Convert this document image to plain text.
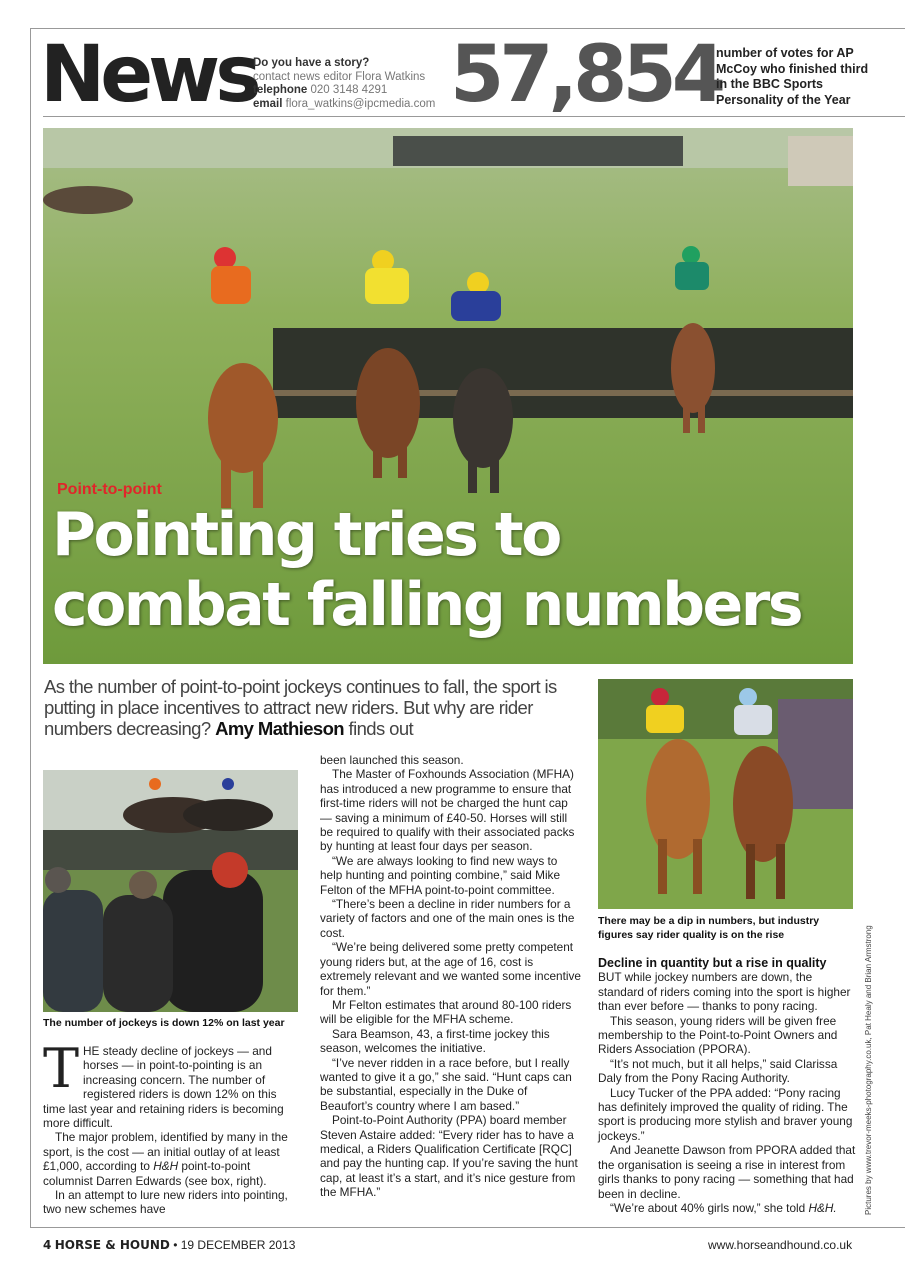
News
Do you have a story?
contact news editor Flora Watkins
telephone 020 3148 4291
email flora_watkins@ipcmedia.com 57,854
number of votes for AP McCoy who finished third in the BBC Sports Personality of the Year
Point-to-point
Pointing tries to
combat falling numbers
As the number of point-to-point jockeys continues to fall, the sport is putting in place incentives to attract new riders. But why are rider numbers decreasing? Amy Mathieson finds out
The number of jockeys is down 12% on last year
There may be a dip in numbers, but industry figures say rider quality is on the rise

THE steady decline of jockeys — and horses — in point-to-pointing is an increasing concern. The number of registered riders is down 12% on this time last year and retaining riders is becoming more difficult.

The major problem, identified by many in the sport, is the cost — an initial outlay of at least £1,000, according to H&H point-to-point columnist Darren Edwards (see box, right).

In an attempt to lure new riders into pointing, two new schemes have

been launched this season.

The Master of Foxhounds Association (MFHA) has introduced a new programme to ensure that first-time riders will not be charged the hunt cap — saving a minimum of £40-50. Horses will still be required to qualify with their associated packs by hunting at least four days per season.

“We are always looking to find new ways to help hunting and pointing combine,” said Mike Felton of the MFHA point-to-point committee.

“There’s been a decline in rider numbers for a variety of factors and one of the main ones is the cost.

“We’re being delivered some pretty competent young riders but, at the age of 16, cost is extremely relevant and we wanted some incentive for them.”

Mr Felton estimates that around 80-100 riders will be eligible for the MFHA scheme.

Sara Beamson, 43, a first-time jockey this season, welcomes the initiative.

“I’ve never ridden in a race before, but I really wanted to give it a go,” she said. “Hunt caps can be substantial, especially in the Duke of Beaufort’s country where I am based.”

Point-to-Point Authority (PPA) board member Steven Astaire added: “Every rider has to have a medical, a Riders Qualification Certificate [RQC] and pay the hunting cap. If you’re saving the hunt cap, at least it’s a start, and it’s nice gesture from the MFHA.”

Decline in quantity but a rise in quality

BUT while jockey numbers are down, the standard of riders coming into the sport is higher than ever before — thanks to pony racing.

This season, young riders will be given free membership to the Point-to-Point Owners and Riders Association (PPORA).

“It’s not much, but it all helps,” said Clarissa Daly from the Pony Racing Authority.

Lucy Tucker of the PPA added: “Pony racing has definitely improved the quality of riding. The sport is producing more stylish and braver young jockeys.”

And Jeanette Dawson from PPORA added that the organisation is seeing a rise in interest from girls thanks to pony racing — something that had been in decline.

“We’re about 40% girls now,” she told H&H.	Pictures by www.trevor-meeks-photography.co.uk, Pat Healy and Brian Armstrong
4 HORSE & HOUND • 19 DECEMBER 2013	www.horseandhound.co.uk
